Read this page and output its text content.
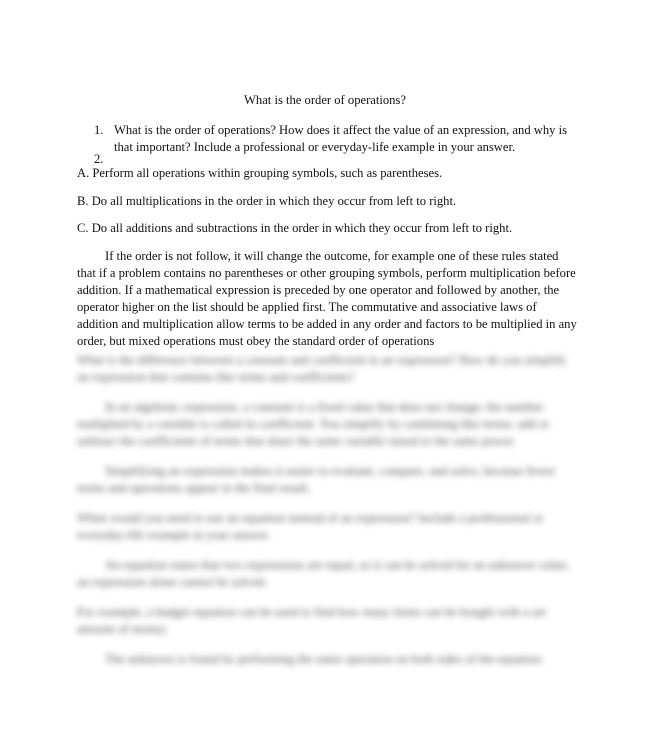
What is the order of operations?
1. What is the order of operations? How does it affect the value of an expression, and why is that important? Include a professional or everyday-life example in your answer.
2.
A. Perform all operations within grouping symbols, such as parentheses.
B. Do all multiplications in the order in which they occur from left to right.
C. Do all additions and subtractions in the order in which they occur from left to right.
If the order is not follow, it will change the outcome, for example one of these rules stated that if a problem contains no parentheses or other grouping symbols, perform multiplication before addition. If a mathematical expression is preceded by one operator and followed by another, the operator higher on the list should be applied first. The commutative and associative laws of addition and multiplication allow terms to be added in any order and factors to be multiplied in any order, but mixed operations must obey the standard order of operations
What is the difference between a constant and coefficient in an expression? How do you simplify an expression that contains like terms and coefficients?
In an algebraic expression, a constant is a fixed value that does not change; the number multiplied by a variable is called its coefficient. You simplify by combining like terms: add or subtract the coefficients of terms that share the same variable raised to the same power.
Simplifying an expression makes it easier to evaluate, compare, and solve, because fewer terms and operations appear in the final result.
When would you need to use an equation instead of an expression? Include a professional or everyday-life example in your answer.
An equation states that two expressions are equal, so it can be solved for an unknown value; an expression alone cannot be solved.
For example, a budget equation can be used to find how many items can be bought with a set amount of money.
The unknown is found by performing the same operation on both sides of the equation.
